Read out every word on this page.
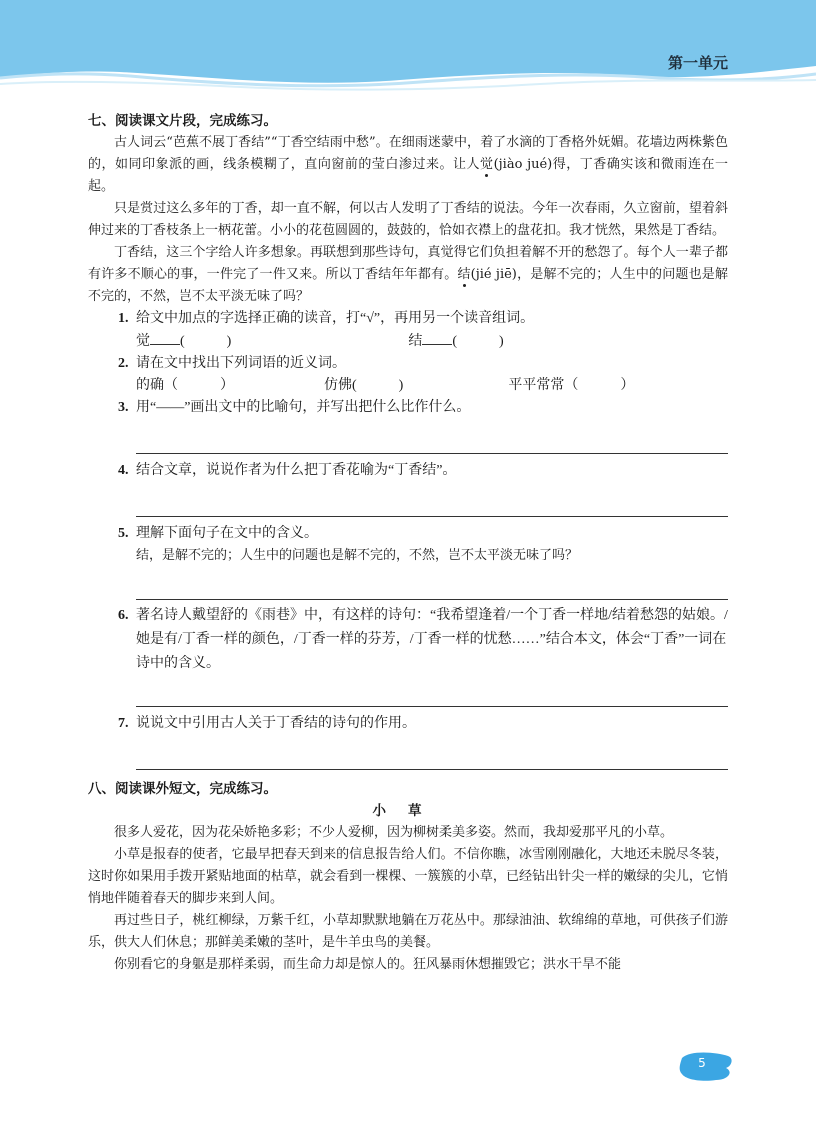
第一单元

七、阅读课文片段，完成练习。

古人词云“芭蕉不展丁香结”“丁香空结雨中愁”。在细雨迷蒙中，着了水滴的丁香格外妩媚。花墙边两株紫色的，如同印象派的画，线条模糊了，直向窗前的莹白渗过来。让人觉(jiào jué)得，丁香确实该和微雨连在一起。

只是赏过这么多年的丁香，却一直不解，何以古人发明了丁香结的说法。今年一次春雨，久立窗前，望着斜伸过来的丁香枝条上一柄花蕾。小小的花苞圆圆的，鼓鼓的，恰如衣襟上的盘花扣。我才恍然，果然是丁香结。

丁香结，这三个字给人许多想象。再联想到那些诗句，真觉得它们负担着解不开的愁怨了。每个人一辈子都有许多不顺心的事，一件完了一件又来。所以丁香结年年都有。结(jié jiē)，是解不完的；人生中的问题也是解不完的，不然，岂不太平淡无味了吗？

1. 给文中加点的字选择正确的读音，打“√”，再用另一个读音组词。

觉 (　　　)	结 (　　　)

2. 请在文中找出下列词语的近义词。

的确（　　　）	仿佛(　　　)	平平常常（　　　）

3. 用“——”画出文中的比喻句，并写出把什么比作什么。

4. 结合文章，说说作者为什么把丁香花喻为“丁香结”。

5. 理解下面句子在文中的含义。

结，是解不完的；人生中的问题也是解不完的，不然，岂不太平淡无味了吗？

6. 著名诗人戴望舒的《雨巷》中，有这样的诗句：“我希望逢着/一个丁香一样地/结着愁怨的姑娘。/她是有/丁香一样的颜色，/丁香一样的芬芳，/丁香一样的忧愁……”结合本文，体会“丁香”一词在诗中的含义。

7. 说说文中引用古人关于丁香结的诗句的作用。

八、阅读课外短文，完成练习。

小草

很多人爱花，因为花朵娇艳多彩；不少人爱柳，因为柳树柔美多姿。然而，我却爱那平凡的小草。

小草是报春的使者，它最早把春天到来的信息报告给人们。不信你瞧，冰雪刚刚融化，大地还未脱尽冬装，这时你如果用手拨开紧贴地面的枯草，就会看到一棵棵、一簇簇的小草，已经钻出针尖一样的嫩绿的尖儿，它悄悄地伴随着春天的脚步来到人间。

再过些日子，桃红柳绿，万紫千红，小草却默默地躺在万花丛中。那绿油油、软绵绵的草地，可供孩子们游乐，供大人们休息；那鲜美柔嫩的茎叶，是牛羊虫鸟的美餐。

你别看它的身躯是那样柔弱，而生命力却是惊人的。狂风暴雨休想摧毁它；洪水干旱不能

5
